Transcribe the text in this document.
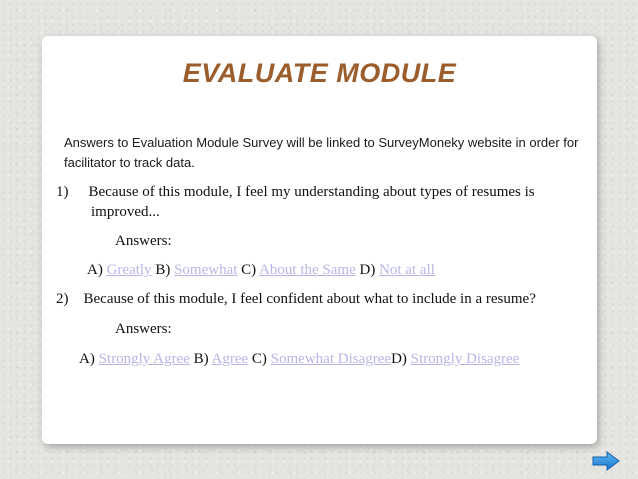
EVALUATE MODULE
Answers to Evaluation Module Survey will be linked to SurveyMoneky website in order for facilitator to track data.
1) Because of this module, I feel my understanding about types of resumes is
improved...
Answers:
A) Greatly B) Somewhat C) About the Same D) Not at all
2) Because of this module, I feel confident about what to include in a resume?
Answers:
A) Strongly Agree B) Agree C) Somewhat DisagreeD) Strongly Disagree
